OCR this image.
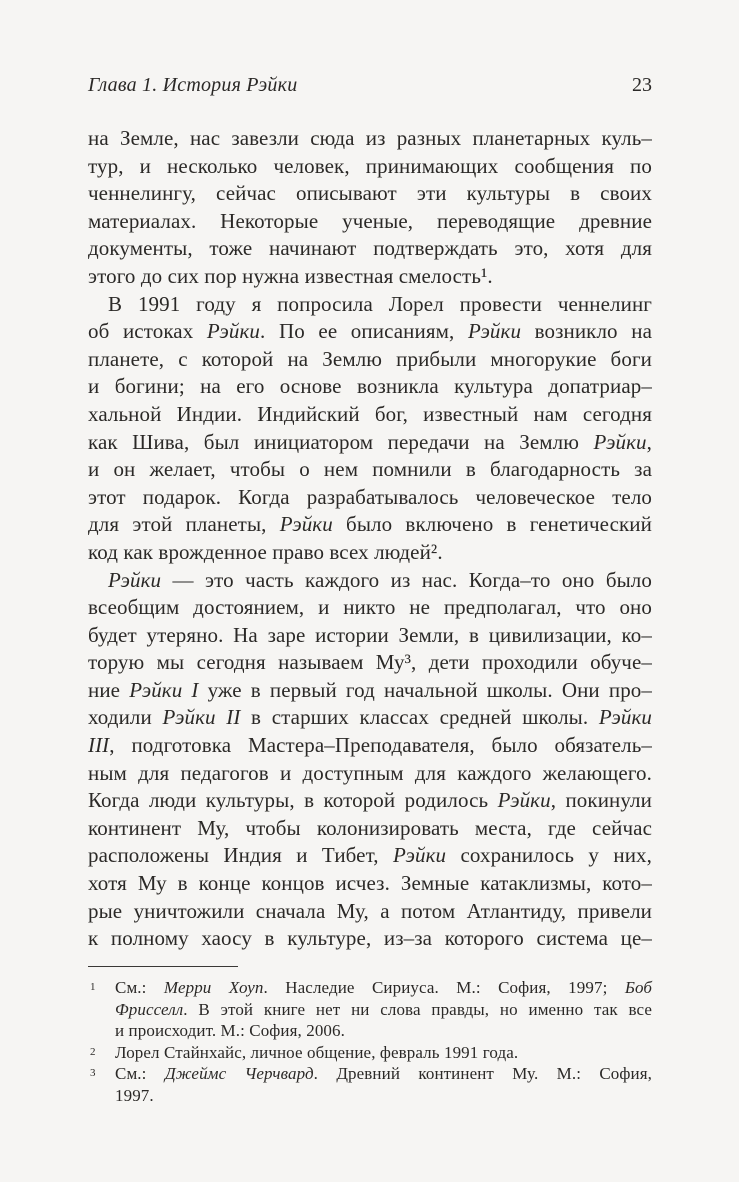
Глава 1. История Рэйки	23
на Земле, нас завезли сюда из разных планетарных куль–
тур, и несколько человек, принимающих сообщения по
ченнелингу, сейчас описывают эти культуры в своих
материалах. Некоторые ученые, переводящие древние
документы, тоже начинают подтверждать это, хотя для
этого до сих пор нужна известная смелость¹.
В 1991 году я попросила Лорел провести ченнелинг
об истоках Рэйки. По ее описаниям, Рэйки возникло на
планете, с которой на Землю прибыли многорукие боги
и богини; на его основе возникла культура допатриар–
хальной Индии. Индийский бог, известный нам сегодня
как Шива, был инициатором передачи на Землю Рэйки,
и он желает, чтобы о нем помнили в благодарность за
этот подарок. Когда разрабатывалось человеческое тело
для этой планеты, Рэйки было включено в генетический
код как врожденное право всех людей².
Рэйки — это часть каждого из нас. Когда–то оно было
всеобщим достоянием, и никто не предполагал, что оно
будет утеряно. На заре истории Земли, в цивилизации, ко–
торую мы сегодня называем Му³, дети проходили обуче–
ние Рэйки I уже в первый год начальной школы. Они про–
ходили Рэйки II в старших классах средней школы. Рэйки
III, подготовка Мастера–Преподавателя, было обязатель–
ным для педагогов и доступным для каждого желающего.
Когда люди культуры, в которой родилось Рэйки, покинули
континент Му, чтобы колонизировать места, где сейчас
расположены Индия и Тибет, Рэйки сохранилось у них,
хотя Му в конце концов исчез. Земные катаклизмы, кото–
рые уничтожили сначала Му, а потом Атлантиду, привели
к полному хаосу в культуре, из–за которого система це–
1 См.: Мерри Хоуп. Наследие Сириуса. М.: София, 1997; Боб
Фрисселл. В этой книге нет ни слова правды, но именно так все
и происходит. М.: София, 2006.
2 Лорел Стайнхайс, личное общение, февраль 1991 года.
3 См.: Джеймс Черчвард. Древний континент Му. М.: София,
1997.
